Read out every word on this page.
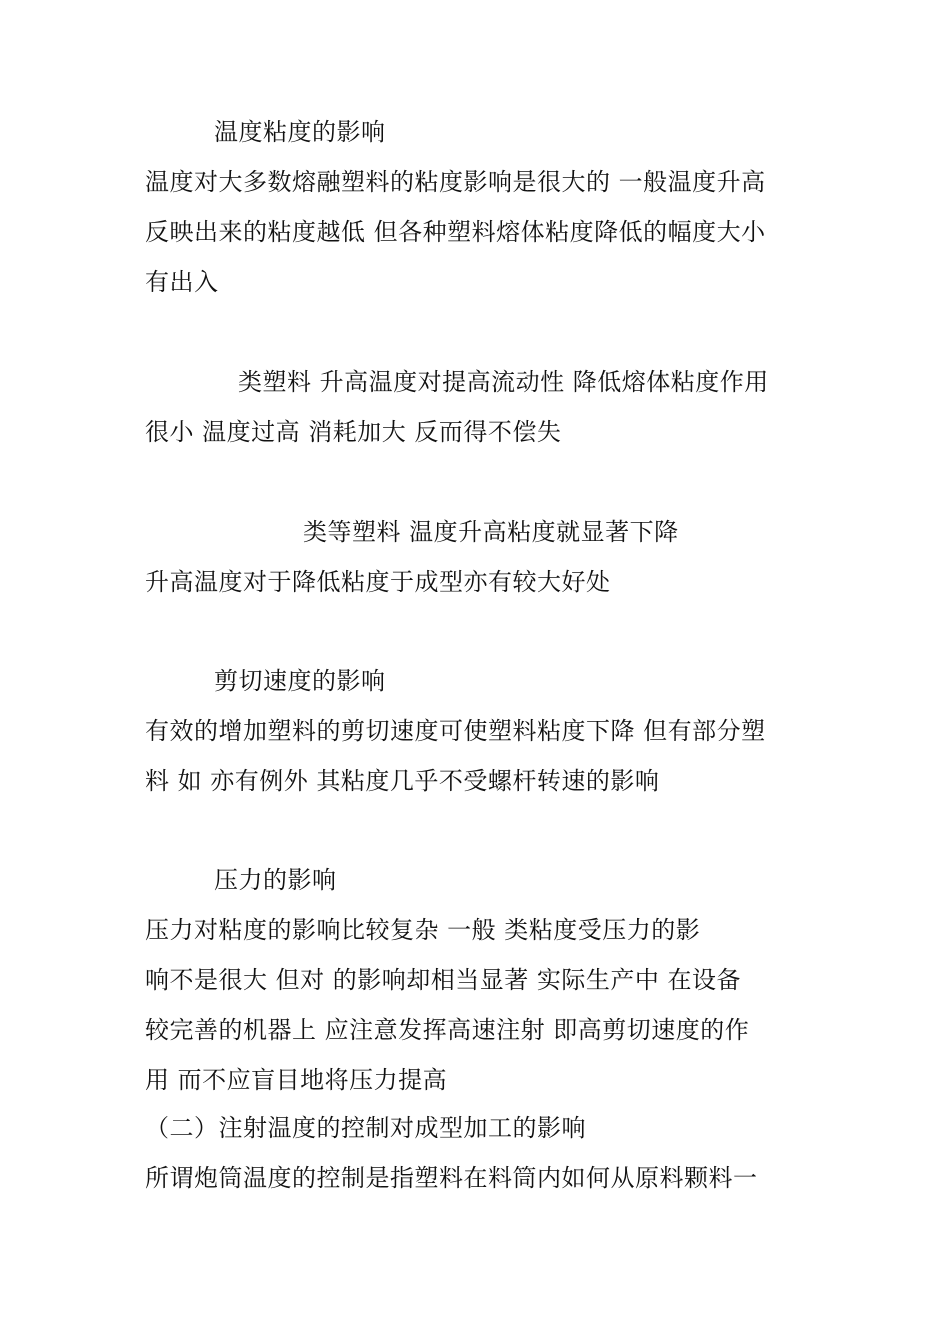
温度粘度的影响
温度对大多数熔融塑料的粘度影响是很大的 一般温度升高
反映出来的粘度越低 但各种塑料熔体粘度降低的幅度大小
有出入
类塑料 升高温度对提高流动性 降低熔体粘度作用
很小 温度过高 消耗加大 反而得不偿失
类等塑料 温度升高粘度就显著下降
升高温度对于降低粘度于成型亦有较大好处
剪切速度的影响
有效的增加塑料的剪切速度可使塑料粘度下降 但有部分塑
料 如 亦有例外 其粘度几乎不受螺杆转速的影响
压力的影响
压力对粘度的影响比较复杂 一般 类粘度受压力的影
响不是很大 但对 的影响却相当显著 实际生产中 在设备
较完善的机器上 应注意发挥高速注射 即高剪切速度的作
用 而不应盲目地将压力提高
（二）注射温度的控制对成型加工的影响
所谓炮筒温度的控制是指塑料在料筒内如何从原料颗料一
